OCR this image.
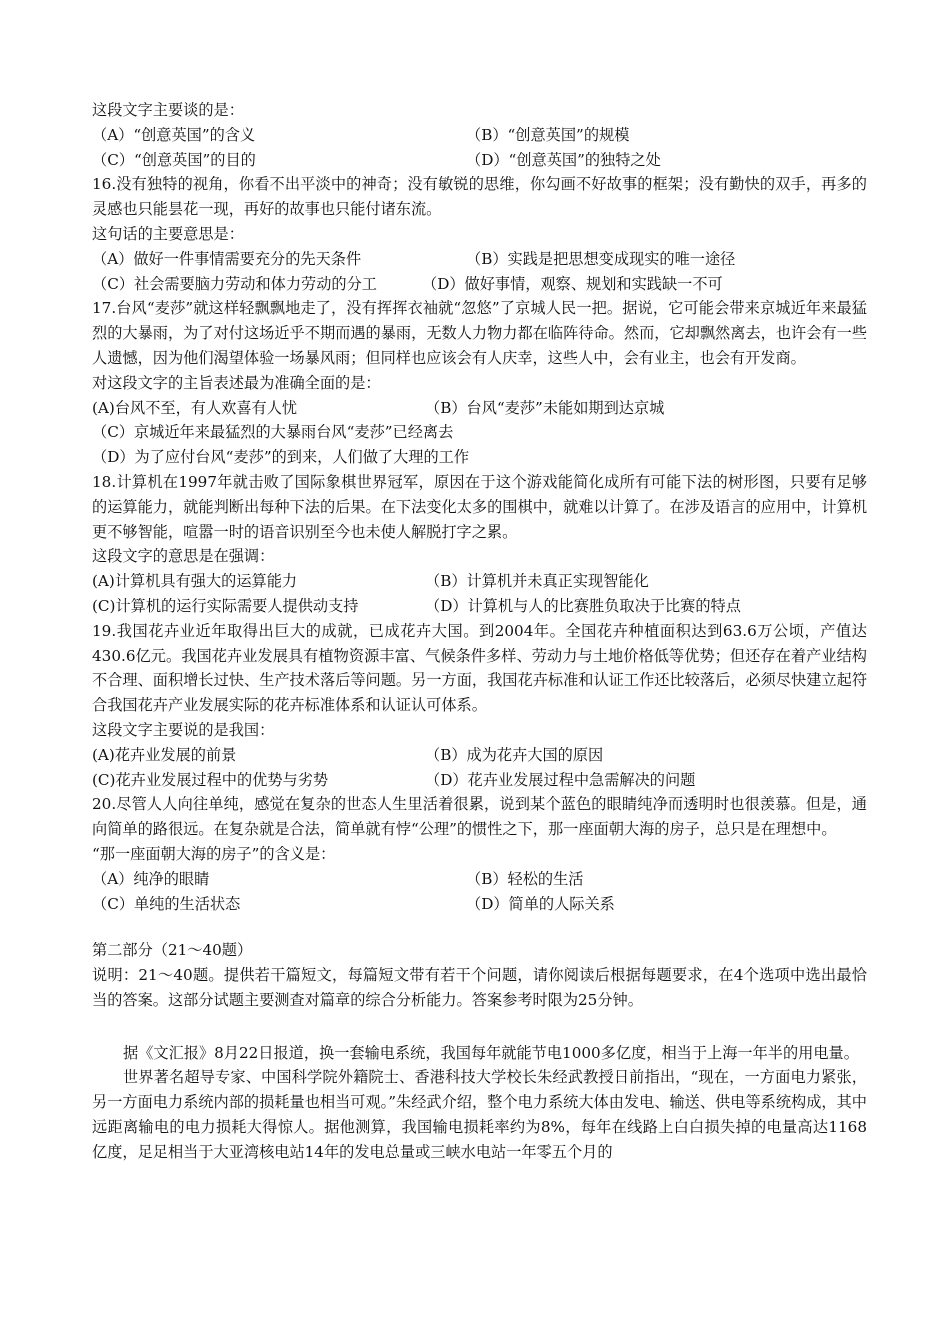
这段文字主要谈的是：
（A）“创意英国”的含义	（B）“创意英国”的规模
（C）“创意英国”的目的	（D）“创意英国”的独特之处
16.没有独特的视角，你看不出平淡中的神奇；没有敏锐的思维，你勾画不好故事的框架；没有勤快的双手，再多的灵感也只能昙花一现，再好的故事也只能付诸东流。
这句话的主要意思是：
（A）做好一件事情需要充分的先天条件	（B）实践是把思想变成现实的唯一途径
（C）社会需要脑力劳动和体力劳动的分工	（D）做好事情，观察、规划和实践缺一不可
17.台风“麦莎”就这样轻飘飘地走了，没有挥挥衣袖就“忽悠”了京城人民一把。据说，它可能会带来京城近年来最猛烈的大暴雨，为了对付这场近乎不期而遇的暴雨，无数人力物力都在临阵待命。然而，它却飘然离去，也许会有一些人遗憾，因为他们渴望体验一场暴风雨；但同样也应该会有人庆幸，这些人中，会有业主，也会有开发商。
对这段文字的主旨表述最为准确全面的是：
(A)台风不至，有人欢喜有人忧	（B）台风“麦莎”未能如期到达京城
（C）京城近年来最猛烈的大暴雨台风“麦莎”已经离去
（D）为了应付台风“麦莎”的到来，人们做了大理的工作
18.计算机在1997年就击败了国际象棋世界冠军，原因在于这个游戏能简化成所有可能下法的树形图，只要有足够的运算能力，就能判断出每种下法的后果。在下法变化太多的围棋中，就难以计算了。在涉及语言的应用中，计算机更不够智能，喧嚣一时的语音识别至今也未使人解脱打字之累。
这段文字的意思是在强调：
(A)计算机具有强大的运算能力	（B）计算机并未真正实现智能化
(C)计算机的运行实际需要人提供动支持	（D）计算机与人的比赛胜负取决于比赛的特点
19.我国花卉业近年取得出巨大的成就，已成花卉大国。到2004年。全国花卉种植面积达到63.6万公顷，产值达430.6亿元。我国花卉业发展具有植物资源丰富、气候条件多样、劳动力与土地价格低等优势；但还存在着产业结构不合理、面积增长过快、生产技术落后等问题。另一方面，我国花卉标准和认证工作还比较落后，必须尽快建立起符合我国花卉产业发展实际的花卉标准体系和认证认可体系。
这段文字主要说的是我国：
(A)花卉业发展的前景	（B）成为花卉大国的原因
(C)花卉业发展过程中的优势与劣势	（D）花卉业发展过程中急需解决的问题
20.尽管人人向往单纯，感觉在复杂的世态人生里活着很累，说到某个蓝色的眼睛纯净而透明时也很羡慕。但是，通向简单的路很远。在复杂就是合法，简单就有悖“公理”的惯性之下，那一座面朝大海的房子，总只是在理想中。
“那一座面朝大海的房子”的含义是：
（A）纯净的眼睛	（B）轻松的生活
（C）单纯的生活状态	（D）简单的人际关系
第二部分（21～40题）
说明：21～40题。提供若干篇短文，每篇短文带有若干个问题，请你阅读后根据每题要求，在4个选项中选出最恰当的答案。这部分试题主要测查对篇章的综合分析能力。答案参考时限为25分钟。
据《文汇报》8月22日报道，换一套输电系统，我国每年就能节电1000多亿度，相当于上海一年半的用电量。
世界著名超导专家、中国科学院外籍院士、香港科技大学校长朱经武教授日前指出，“现在，一方面电力紧张，另一方面电力系统内部的损耗量也相当可观。”朱经武介绍，整个电力系统大体由发电、输送、供电等系统构成，其中远距离输电的电力损耗大得惊人。据他测算，我国输电损耗率约为8%，每年在线路上白白损失掉的电量高达1168亿度，足足相当于大亚湾核电站14年的发电总量或三峡水电站一年零五个月的
